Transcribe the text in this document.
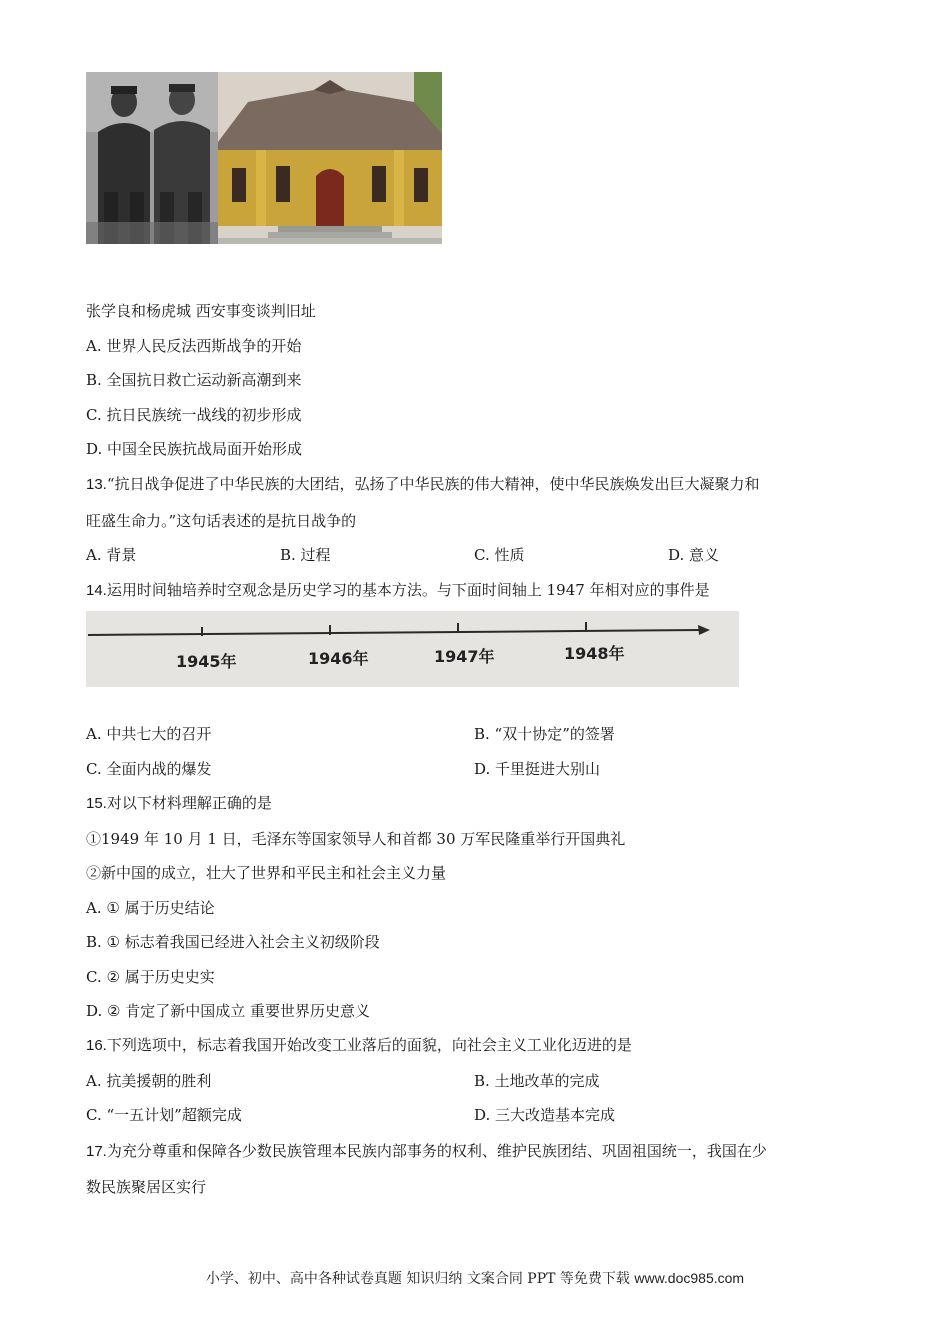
张学良和杨虎城 西安事变谈判旧址
A. 世界人民反法西斯战争的开始
B. 全国抗日救亡运动新高潮到来
C. 抗日民族统一战线的初步形成
D. 中国全民族抗战局面开始形成
13.“抗日战争促进了中华民族的大团结，弘扬了中华民族的伟大精神，使中华民族焕发出巨大凝聚力和
旺盛生命力。”这句话表述的是抗日战争的
A. 背景	B. 过程	C. 性质	D. 意义
14.运用时间轴培养时空观念是历史学习的基本方法。与下面时间轴上 1947 年相对应的事件是
1945年	1946年	1947年	1948年
A. 中共七大的召开	B. “双十协定”的签署
C. 全面内战的爆发	D. 千里挺进大别山
15.对以下材料理解正确的是
①1949 年 10 月 1 日，毛泽东等国家领导人和首都 30 万军民隆重举行开国典礼
②新中国的成立，壮大了世界和平民主和社会主义力量
A. ① 属于历史结论
B. ① 标志着我国已经进入社会主义初级阶段
C. ② 属于历史史实
D. ② 肯定了新中国成立 重要世界历史意义
16.下列选项中，标志着我国开始改变工业落后的面貌，向社会主义工业化迈进的是
A. 抗美援朝的胜利	B. 土地改革的完成
C. “一五计划”超额完成	D. 三大改造基本完成
17.为充分尊重和保障各少数民族管理本民族内部事务的权利、维护民族团结、巩固祖国统一，我国在少
数民族聚居区实行
小学、初中、高中各种试卷真题 知识归纳 文案合同 PPT 等免费下载 www.doc985.com
